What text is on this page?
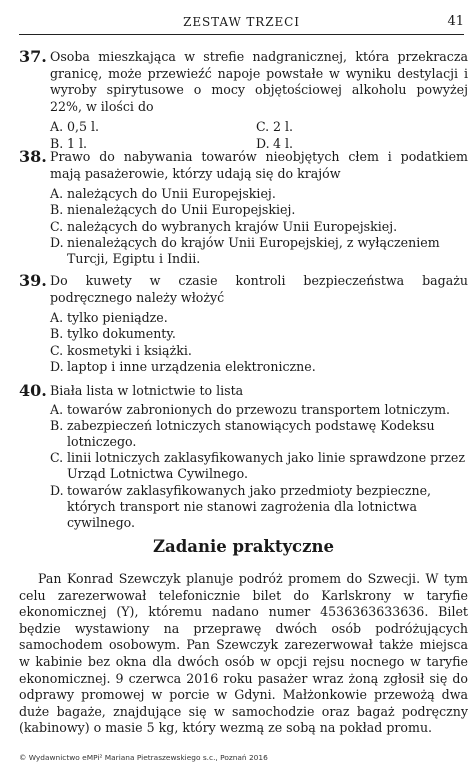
ZESTAW TRZECI	41
37. Osoba mieszkająca w strefie nadgranicznej, która przekracza granicę, może przewieźć napoje powstałe w wyniku destylacji i wyroby spirytusowe o mocy objętościowej alkoholu powyżej 22%, w ilości do
A. 0,5 l.	C. 2 l.
B. 1 l.	D. 4 l.
38. Prawo do nabywania towarów nieobjętych cłem i podatkiem mają pasażerowie, którzy udają się do krajów
A. należących do Unii Europejskiej.
B. nienależących do Unii Europejskiej.
C. należących do wybranych krajów Unii Europejskiej.
D. nienależących do krajów Unii Europejskiej, z wyłączeniem Turcji, Egiptu i Indii.
39. Do kuwety w czasie kontroli bezpieczeństwa bagażu podręcznego należy włożyć
A. tylko pieniądze.
B. tylko dokumenty.
C. kosmetyki i książki.
D. laptop i inne urządzenia elektroniczne.
40. Biała lista w lotnictwie to lista
A. towarów zabronionych do przewozu transportem lotniczym.
B. zabezpieczeń lotniczych stanowiących podstawę Kodeksu lotniczego.
C. linii lotniczych zaklasyfikowanych jako linie sprawdzone przez Urząd Lotnictwa Cywilnego.
D. towarów zaklasyfikowanych jako przedmioty bezpieczne, których transport nie stanowi zagrożenia dla lotnictwa cywilnego.
Zadanie praktyczne
Pan Konrad Szewczyk planuje podróż promem do Szwecji. W tym celu zarezerwował telefonicznie bilet do Karlskrony w taryfie ekonomicznej (Y), któremu nadano numer 4536363633636. Bilet będzie wystawiony na przeprawę dwóch osób podróżujących samochodem osobowym. Pan Szewczyk zarezerwował także miejsca w kabinie bez okna dla dwóch osób w opcji rejsu nocnego w taryfie ekonomicznej. 9 czerwca 2016 roku pasażer wraz żoną zgłosił się do odprawy promowej w porcie w Gdyni. Małżonkowie przewożą dwa duże bagaże, znajdujące się w samochodzie oraz bagaż podręczny (kabinowy) o masie 5 kg, który wezmą ze sobą na pokład promu.
© Wydawnictwo eMPi² Mariana Pietraszewskiego s.c., Poznań 2016
